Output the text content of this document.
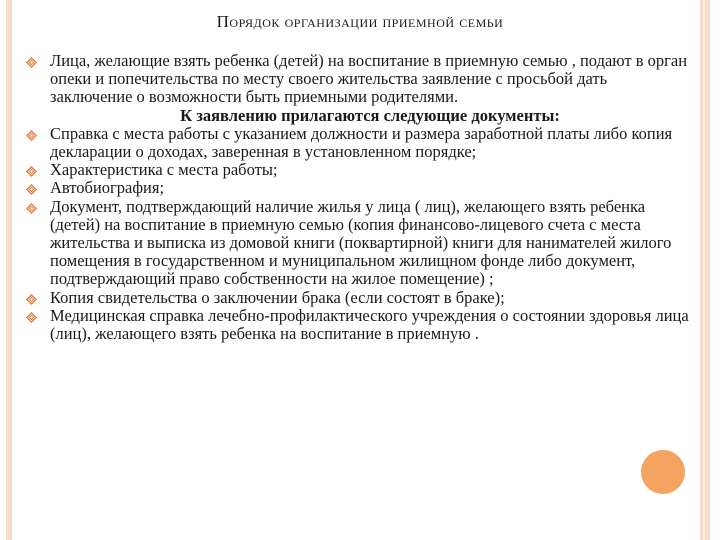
Порядок организации приемной семьи
Лица, желающие взять ребенка (детей) на воспитание в приемную семью , подают в орган опеки и попечительства по месту своего жительства заявление с просьбой дать заключение о возможности быть приемными родителями.
К заявлению прилагаются следующие документы:
Справка с места работы с указанием должности и размера заработной платы либо копия декларации о доходах, заверенная в установленном порядке;
Характеристика с места работы;
Автобиография;
Документ, подтверждающий наличие жилья у лица ( лиц), желающего взять ребенка (детей) на воспитание в приемную семью (копия финансово-лицевого счета с места жительства и выписка из домовой книги (поквартирной) книги для нанимателей жилого помещения в государственном и муниципальном жилищном фонде либо документ, подтверждающий право собственности на жилое помещение) ;
Копия свидетельства о заключении брака (если состоят в браке);
Медицинская справка лечебно-профилактического учреждения о состоянии здоровья лица (лиц), желающего взять ребенка на воспитание в приемную .
